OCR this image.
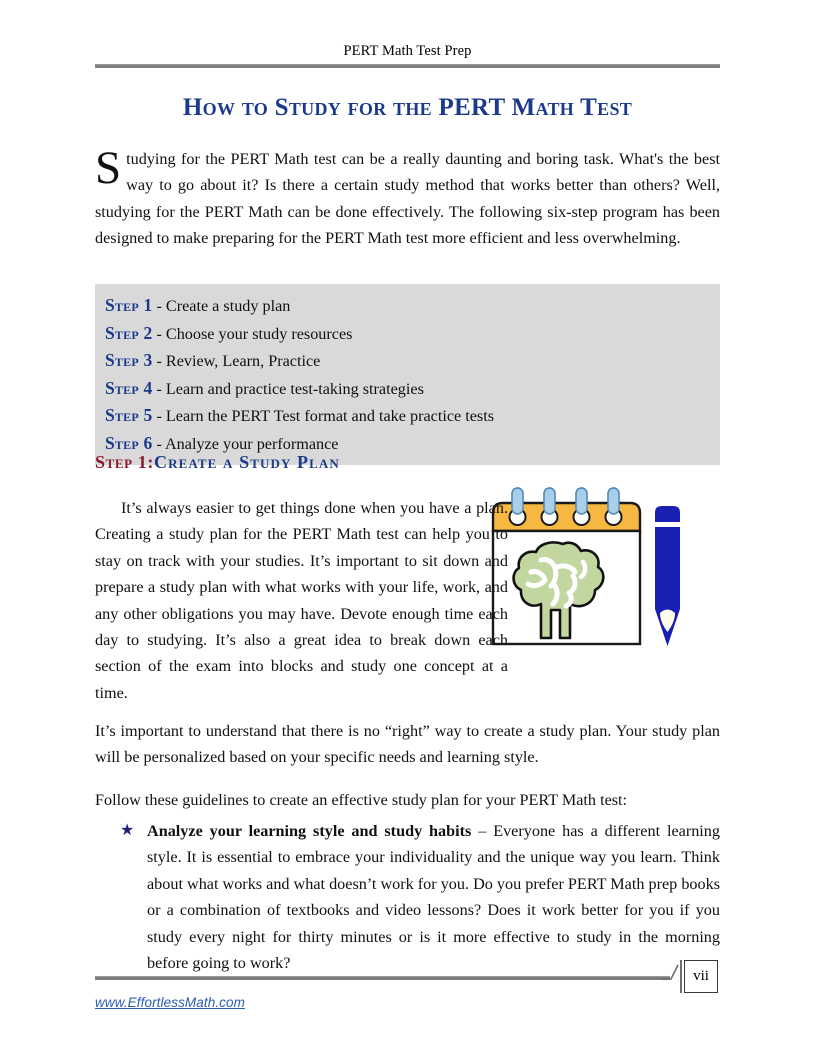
PERT Math Test Prep
How to Study for the PERT Math Test

Studying for the PERT Math test can be a really daunting and boring task. What's the best way to go about it? Is there a certain study method that works better than others? Well, studying for the PERT Math can be done effectively. The following six-step program has been designed to make preparing for the PERT Math test more efficient and less overwhelming.

Step 1 - Create a study plan
Step 2 - Choose your study resources
Step 3 - Review, Learn, Practice
Step 4 - Learn and practice test-taking strategies
Step 5 - Learn the PERT Test format and take practice tests
Step 6 - Analyze your performance
Step 1:Create a Study Plan

It’s always easier to get things done when you have a plan. Creating a study plan for the PERT Math test can help you to stay on track with your studies. It’s important to sit down and prepare a study plan with what works with your life, work, and any other obligations you may have. Devote enough time each day to studying. It’s also a great idea to break down each section of the exam into blocks and study one concept at a time.

It’s important to understand that there is no “right” way to create a study plan. Your study plan will be personalized based on your specific needs and learning style.

Follow these guidelines to create an effective study plan for your PERT Math test:

★ Analyze your learning style and study habits – Everyone has a different learning style. It is essential to embrace your individuality and the unique way you learn. Think about what works and what doesn’t work for you. Do you prefer PERT Math prep books or a combination of textbooks and video lessons? Does it work better for you if you study every night for thirty minutes or is it more effective to study in the morning before going to work?
vii
www.EffortlessMath.com
